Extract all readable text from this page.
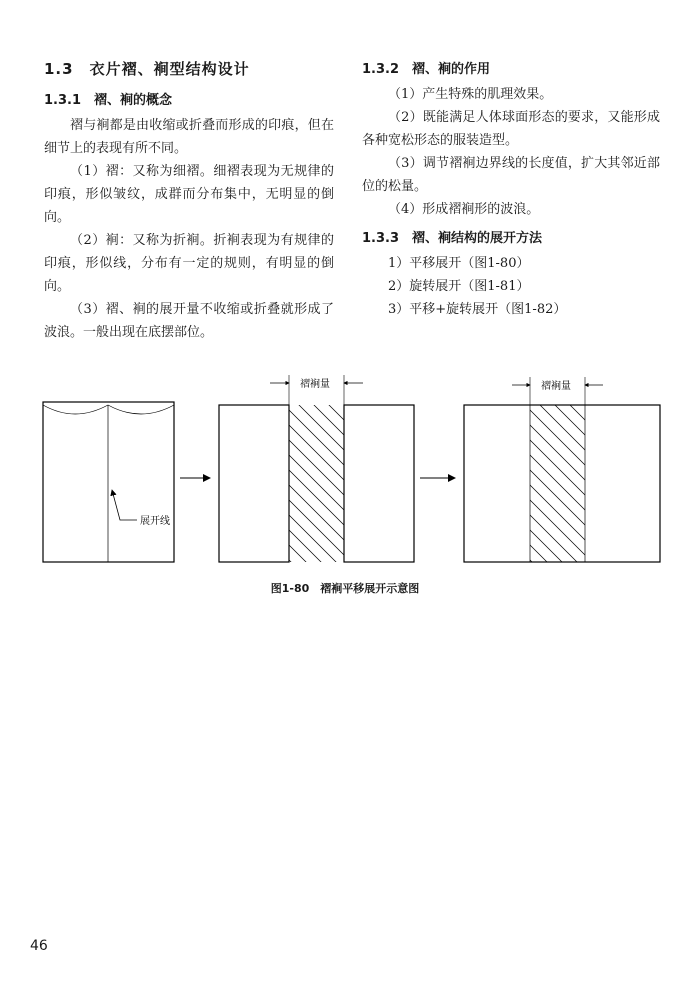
1.3　衣片褶、裥型结构设计
1.3.1　褶、裥的概念

褶与裥都是由收缩或折叠而形成的印痕，但在细节上的表现有所不同。

（1）褶：又称为细褶。细褶表现为无规律的印痕，形似皱纹，成群而分布集中，无明显的倒向。

（2）裥：又称为折裥。折裥表现为有规律的印痕，形似线，分布有一定的规则，有明显的倒向。

（3）褶、裥的展开量不收缩或折叠就形成了波浪。一般出现在底摆部位。

1.3.2　褶、裥的作用

（1）产生特殊的肌理效果。

（2）既能满足人体球面形态的要求，又能形成各种宽松形态的服装造型。

（3）调节褶裥边界线的长度值，扩大其邻近部位的松量。

（4）形成褶裥形的波浪。

1.3.3　褶、裥结构的展开方法

1）平移展开（图1-80）

2）旋转展开（图1-81）

3）平移+旋转展开（图1-82）

展开线
褶裥量	褶裥量
图1-80　褶裥平移展开示意图
46
